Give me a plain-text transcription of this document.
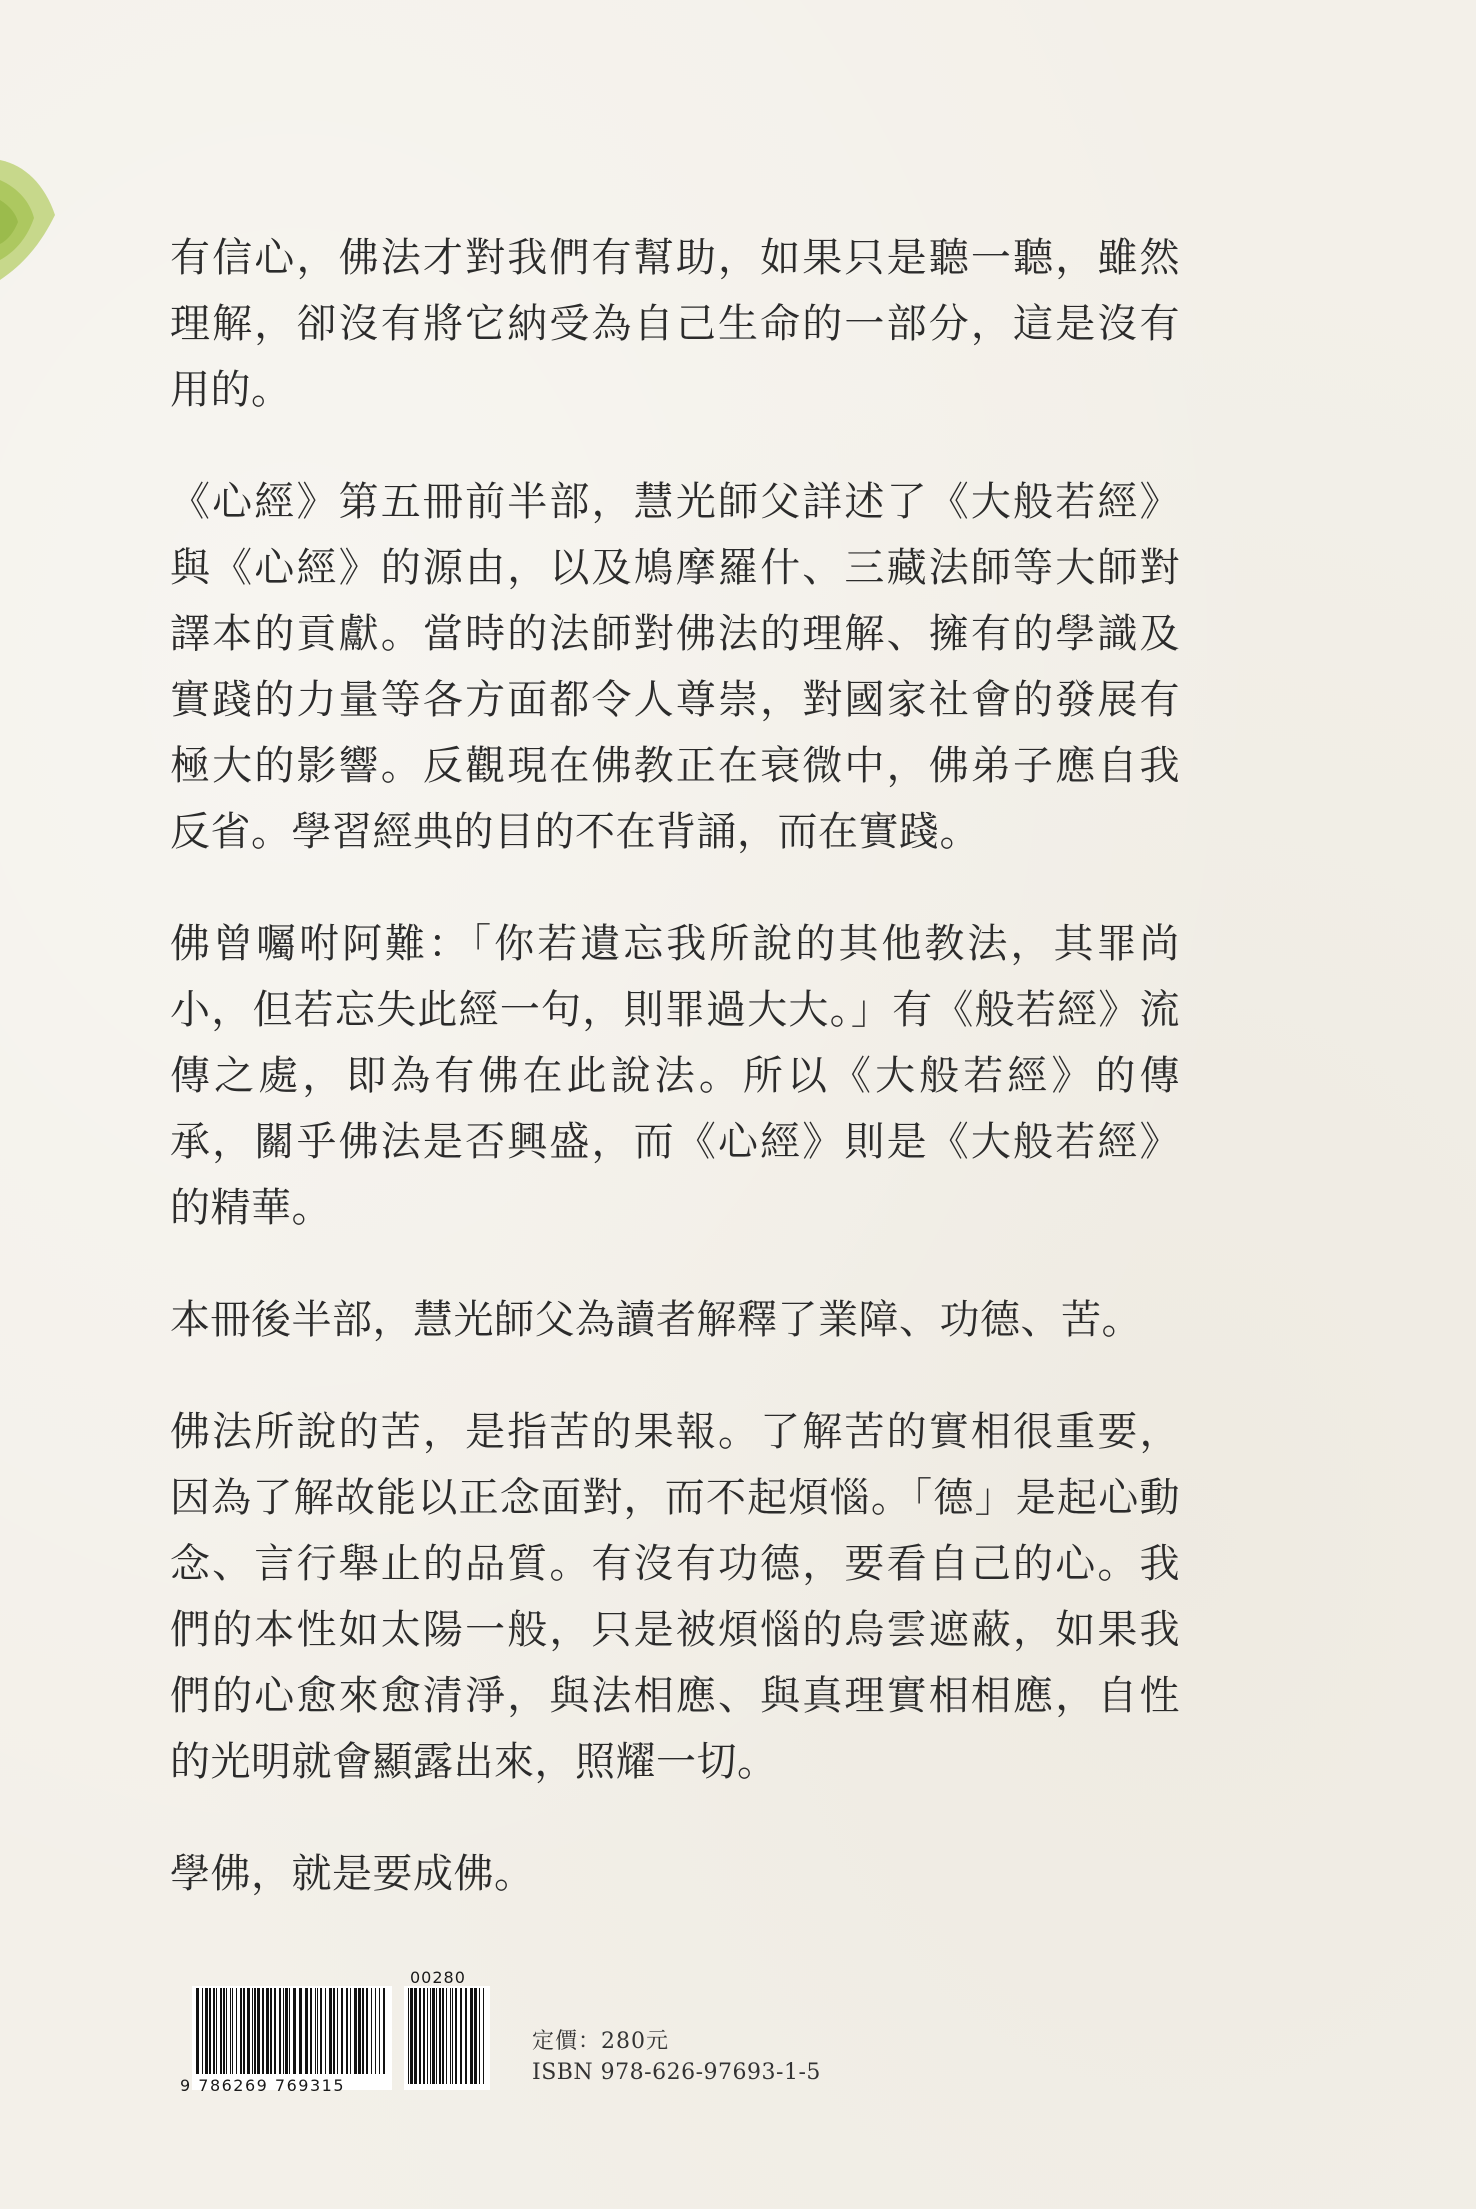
有信心，佛法才對我們有幫助，如果只是聽一聽，雖然理解，卻沒有將它納受為自己生命的一部分，這是沒有用的。

《心經》第五冊前半部，慧光師父詳述了《大般若經》與《心經》的源由，以及鳩摩羅什、三藏法師等大師對譯本的貢獻。當時的法師對佛法的理解、擁有的學識及實踐的力量等各方面都令人尊崇，對國家社會的發展有極大的影響。反觀現在佛教正在衰微中，佛弟子應自我反省。學習經典的目的不在背誦，而在實踐。

佛曾囑咐阿難：「你若遺忘我所說的其他教法，其罪尚小，但若忘失此經一句，則罪過大大。」有《般若經》流傳之處，即為有佛在此說法。所以《大般若經》的傳承，關乎佛法是否興盛，而《心經》則是《大般若經》的精華。

本冊後半部，慧光師父為讀者解釋了業障、功德、苦。

佛法所說的苦，是指苦的果報。了解苦的實相很重要，因為了解故能以正念面對，而不起煩惱。「德」是起心動念、言行舉止的品質。有沒有功德，要看自己的心。我們的本性如太陽一般，只是被煩惱的烏雲遮蔽，如果我們的心愈來愈清淨，與法相應、與真理實相相應，自性的光明就會顯露出來，照耀一切。

學佛，就是要成佛。

9 786269 769315
00280
定價：280元
ISBN 978-626-97693-1-5
